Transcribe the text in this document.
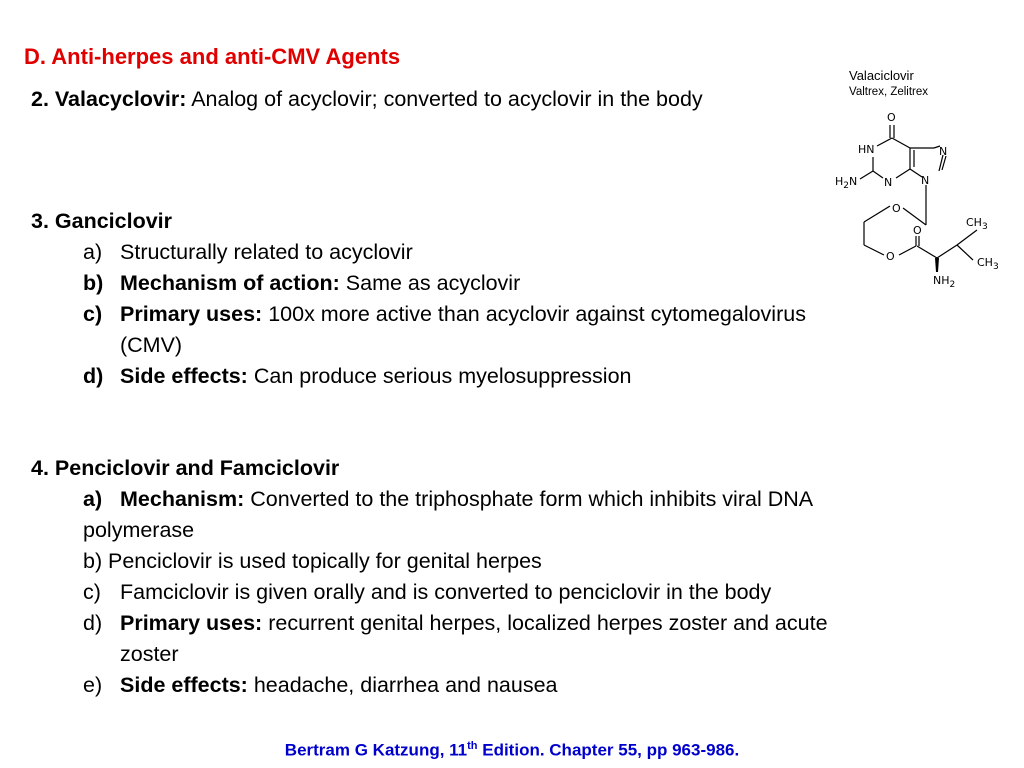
D. Anti-herpes and anti-CMV Agents
2. Valacyclovir: Analog of acyclovir; converted to acyclovir in the body
Valaciclovir
Valtrex, Zelitrex
O
HN	N
N	N
$H_2N$
O
O
O
$CH_3$
$CH_3$
$NH_2$
3. Ganciclovir
a) Structurally related to acyclovir
b) Mechanism of action: Same as acyclovir
c) Primary uses: 100x more active than acyclovir against cytomegalovirus
(CMV)
d) Side effects: Can produce serious myelosuppression
4. Penciclovir and Famciclovir
a) Mechanism: Converted to the triphosphate form which inhibits viral DNA
polymerase
b) Penciclovir is used topically for genital herpes
c) Famciclovir is given orally and is converted to penciclovir in the body
d) Primary uses: recurrent genital herpes, localized herpes zoster and acute
zoster
e) Side effects: headache, diarrhea and nausea
Bertram G Katzung, 11th Edition. Chapter 55, pp 963-986.
